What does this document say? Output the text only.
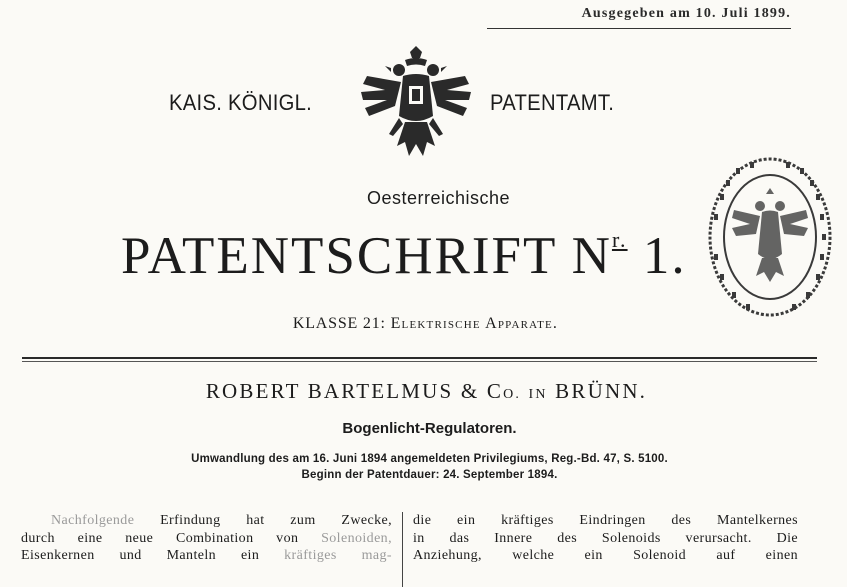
Ausgegeben am 10. Juli 1899.
KAIS. KÖNIGL.	PATENTAMT.
Oesterreichische
PATENTSCHRIFT $N^{r.}$ 1.
KLASSE 21: Elektrische Apparate.
ROBERT BARTELMUS & CO. IN BRÜNN.
Bogenlicht-Regulatoren.
Umwandlung des am 16. Juni 1894 angemeldeten Privilegiums, Reg.-Bd. 47, S. 5100.
Beginn der Patentdauer: 24. September 1894.
Nachfolgende Erfindung hat zum Zwecke,
durch eine neue Combination von Solenoiden,
Eisenkernen und Manteln ein kräftiges mag-
die ein kräftiges Eindringen des Mantelkernes
in das Innere des Solenoids verursacht. Die
Anziehung, welche ein Solenoid auf einen
